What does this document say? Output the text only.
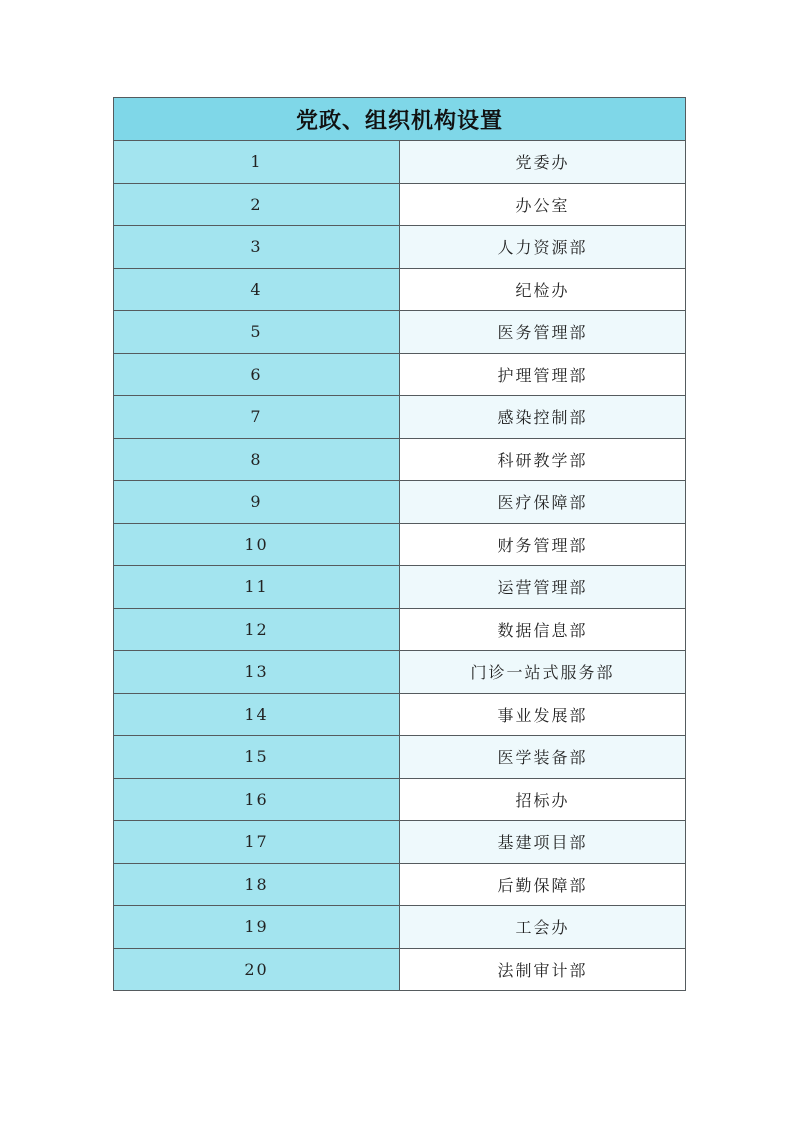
党政、组织机构设置	
1	党委办
2	办公室
3	人力资源部
4	纪检办
5	医务管理部
6	护理管理部
7	感染控制部
8	科研教学部
9	医疗保障部
10	财务管理部
11	运营管理部
12	数据信息部
13	门诊一站式服务部
14	事业发展部
15	医学装备部
16	招标办
17	基建项目部
18	后勤保障部
19	工会办
20	法制审计部
